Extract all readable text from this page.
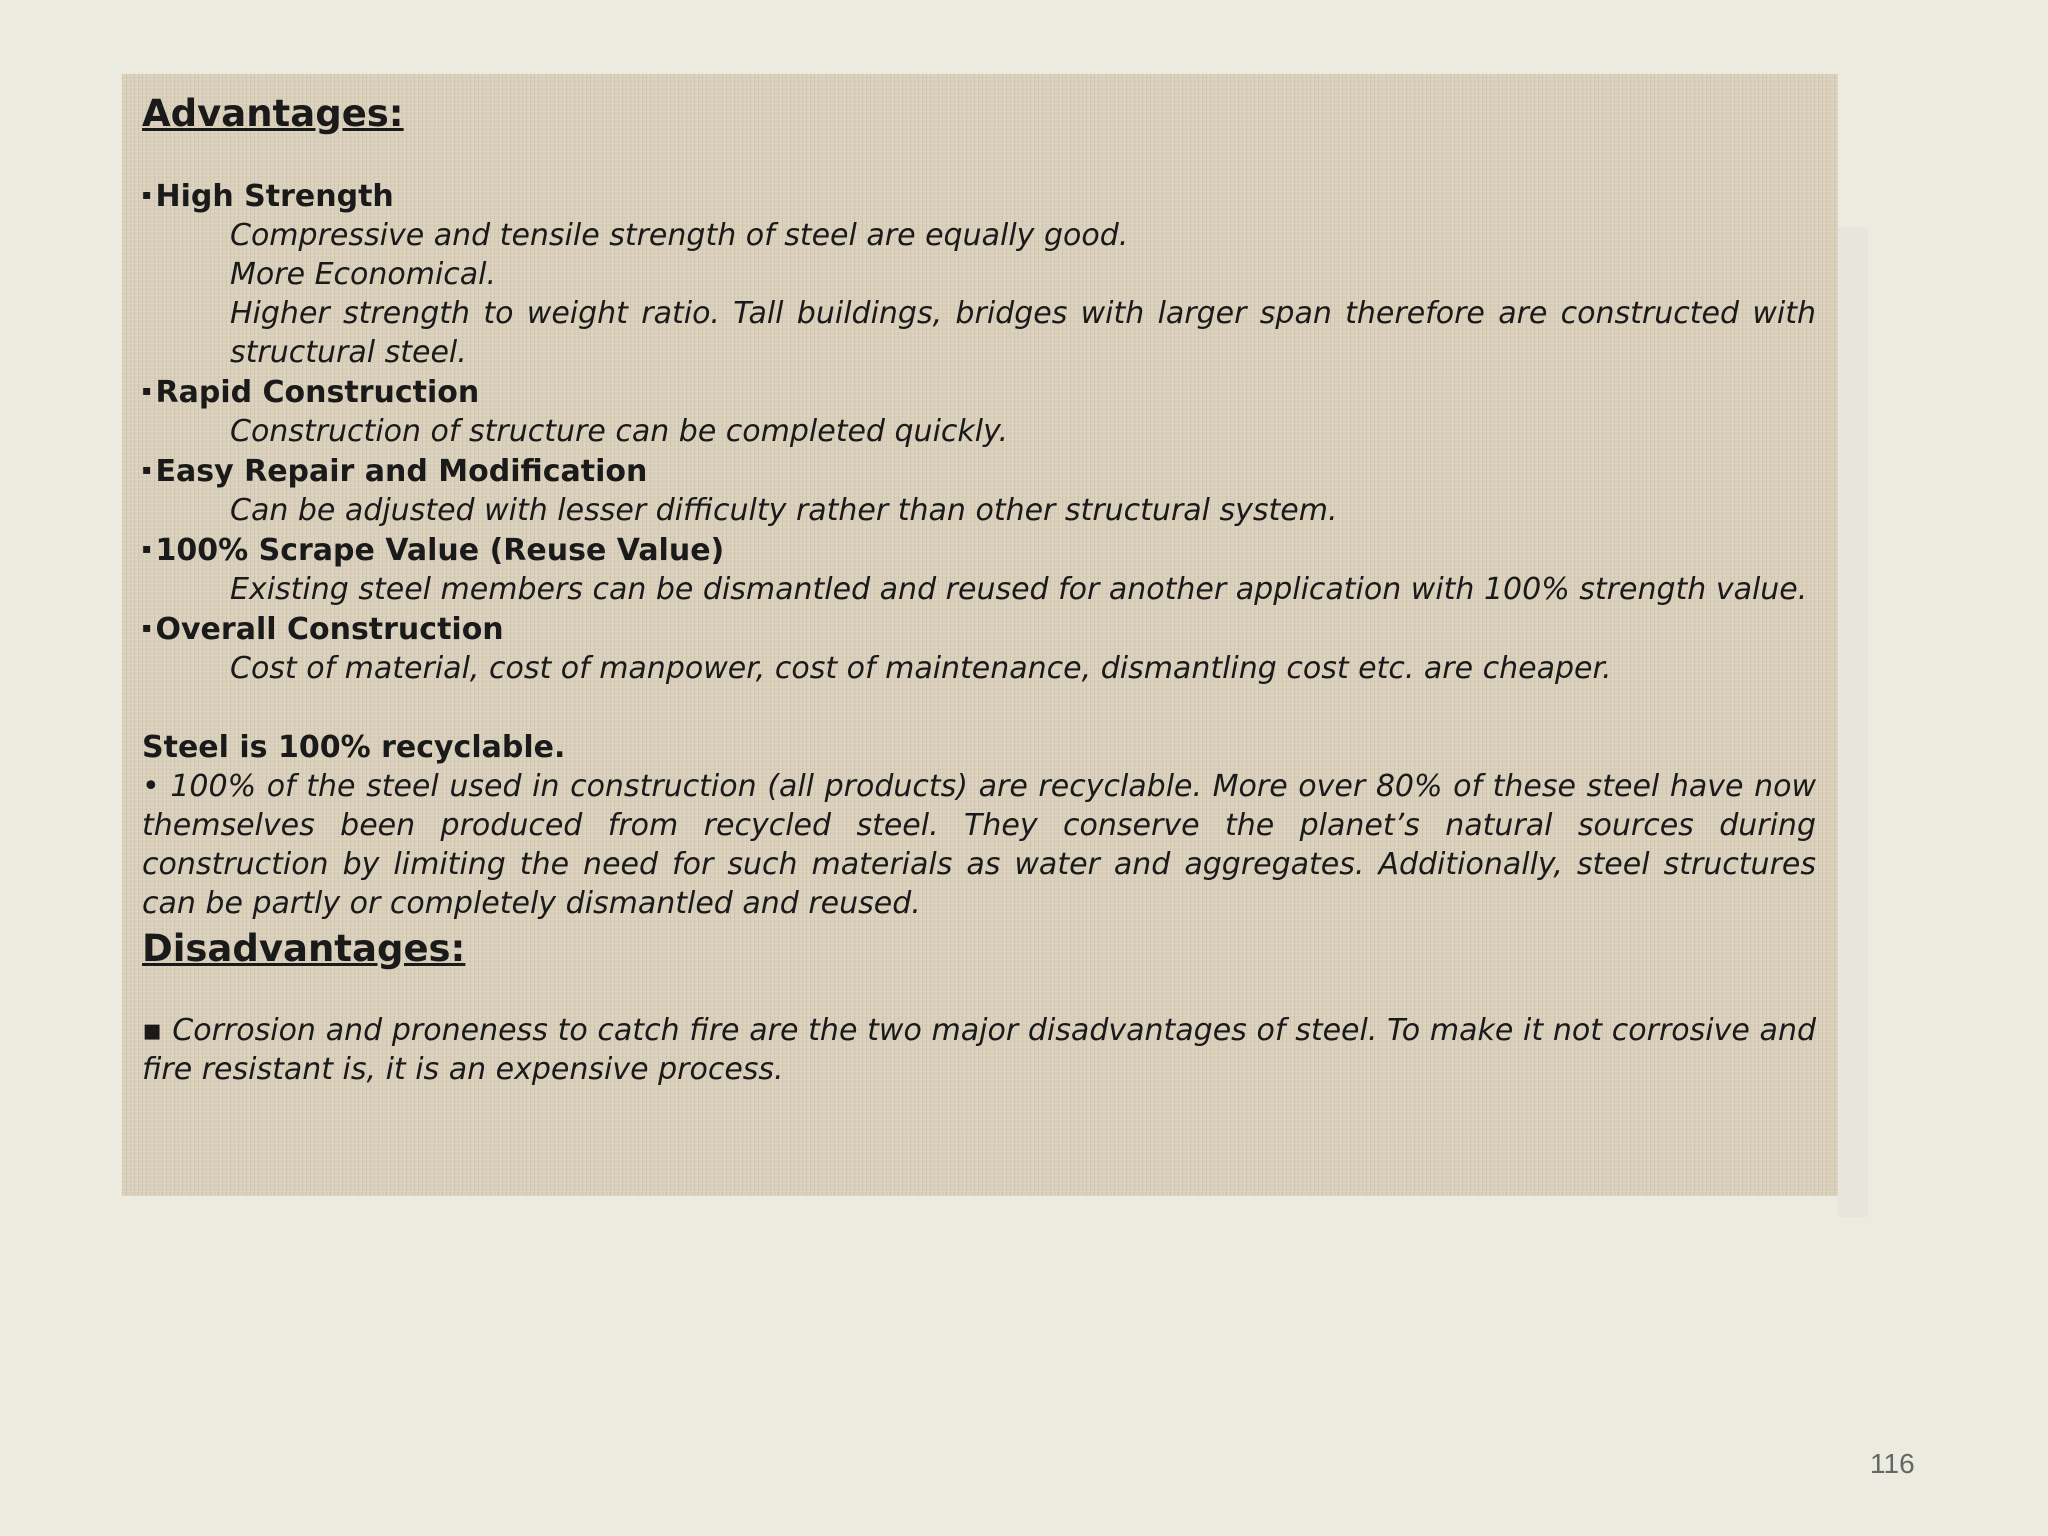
Advantages:

▪ High Strength

Compressive and tensile strength of steel are equally good.

More Economical.

Higher strength to weight ratio. Tall buildings, bridges with larger span therefore are constructed with structural steel.

▪ Rapid Construction

Construction of structure can be completed quickly.

▪ Easy Repair and Modification

Can be adjusted with lesser difficulty rather than other structural system.

▪ 100% Scrape Value (Reuse Value)

Existing steel members can be dismantled and reused for another application with 100% strength value.

▪ Overall Construction

Cost of material, cost of manpower, cost of maintenance, dismantling cost etc. are cheaper.

Steel is 100% recyclable.

• 100% of the steel used in construction (all products) are recyclable. More over 80% of these steel have now themselves been produced from recycled steel. They conserve the planet’s natural sources during construction by limiting the need for such materials as water and aggregates. Additionally, steel structures can be partly or completely dismantled and reused.

Disadvantages:

▪ Corrosion and proneness to catch fire are the two major disadvantages of steel. To make it not corrosive and fire resistant is, it is an expensive process.

116
